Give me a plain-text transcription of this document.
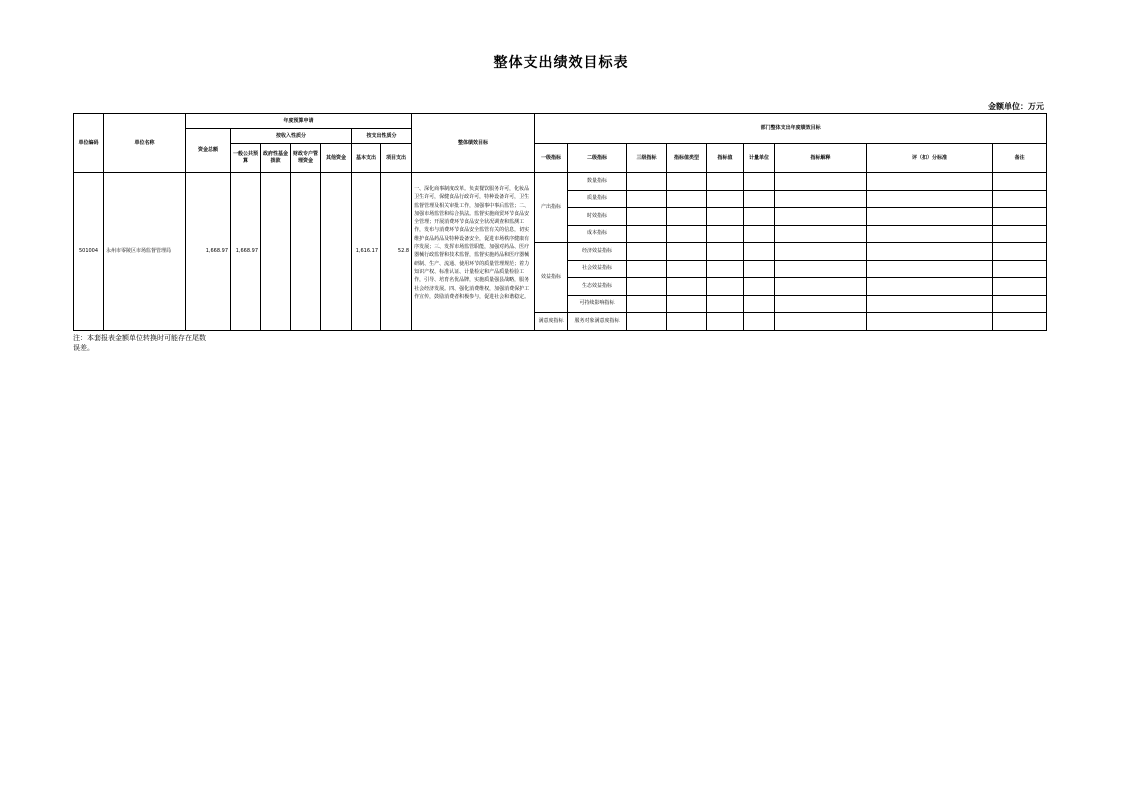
整体支出绩效目标表
金额单位：万元
单位编码	单位名称	年度预算申请							整体绩效目标	部门整体支出年度绩效目标								
		资金总额	按收入性质分				按支出性质分											
			一般公共预算	政府性基金拨款	财政专户管理资金	其他资金	基本支出	项目支出		一级指标	二级指标	三级指标	指标值类型	指标值	计量单位	指标解释	评（扣）分标准	备注
501004	永州市零陵区市场监督管理局	1,668.97	1,668.97				1,616.17	52.8	一、深化商事制度改革。负责餐饮服务许可，化妆品卫生许可，保健食品行政许可，特种设备许可，卫生监督管理及相关审批工作，加强事中事后监管；二、加强市场监管和综合执法。监督实施商贸环节食品安全管理；开展消费环节食品安全状况调查和监测工作，发布与消费环节食品安全监管有关的信息，切实维护食品药品及特种设备安全，促进市场秩序健康有序发展；三、发挥市场监管职能，加强对药品、医疗器械行政监督和技术监督，监督实施药品和医疗器械研制、生产、流通、使用环节的质量管理规范；着力知识产权、标准认证、计量检定和产品质量检验工作，引导、培育名优品牌，实施质量强县战略，服务社会经济发展。四、强化消费维权，加强消费保护工作宣传，鼓励消费者积极参与，促进社会和谐稳定。	产出指标	数量指标							
											质量指标							
											时效指标							
											成本指标							
										效益指标	经济效益指标							
											社会效益指标							
											生态效益指标							
											可持续影响指标							
										满意度指标	服务对象满意度指标							
注：本套报表金额单位转换时可能存在尾数
误差。
